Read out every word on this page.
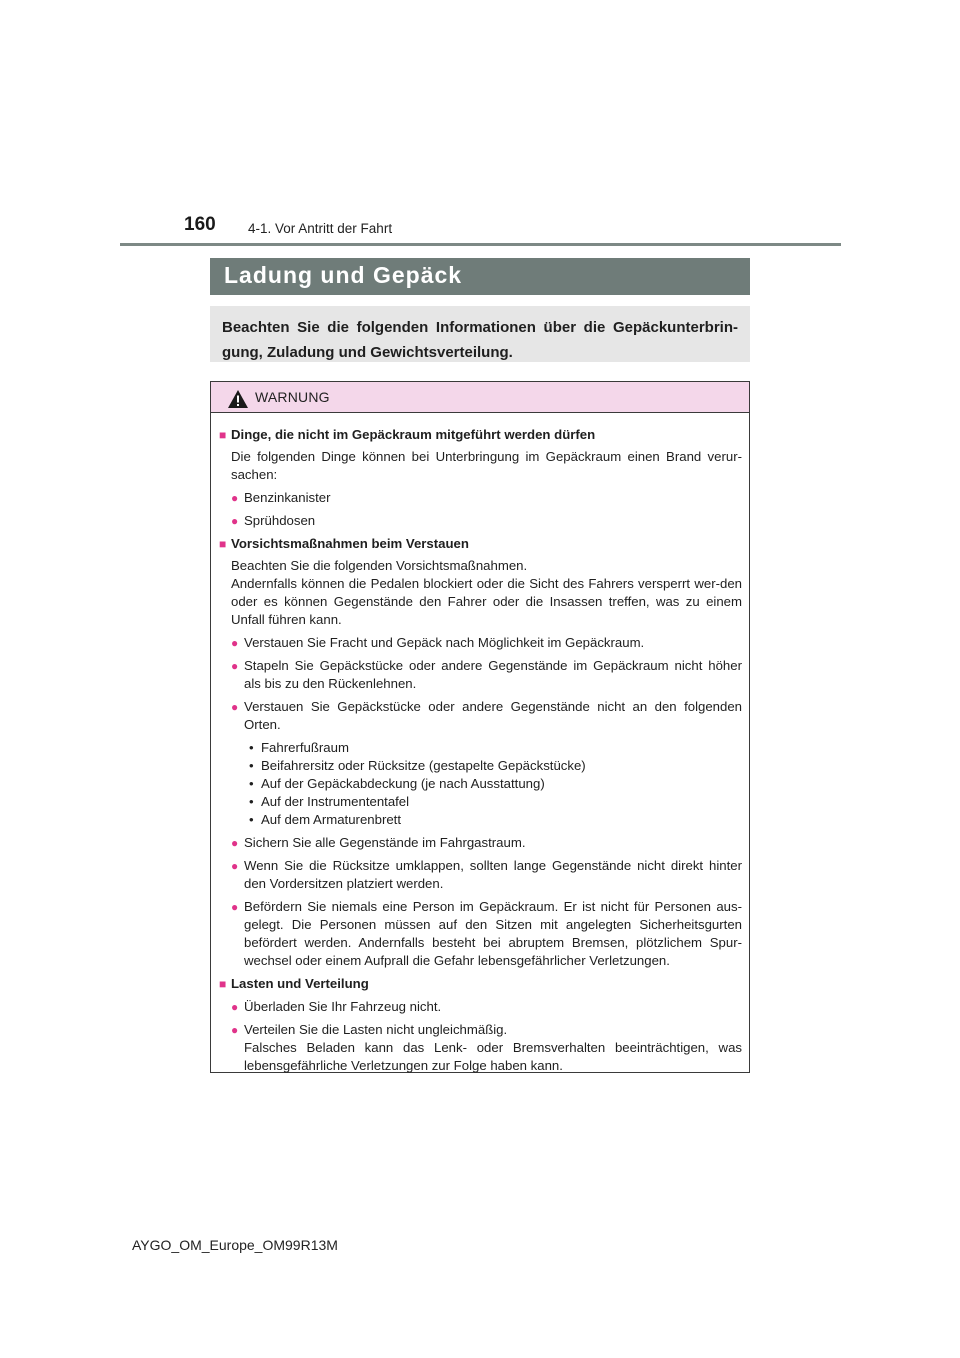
160 4-1. Vor Antritt der Fahrt
Ladung und Gepäck
Beachten Sie die folgenden Informationen über die Gepäckunterbrin-gung, Zuladung und Gewichtsverteilung.
WARNUNG
■ Dinge, die nicht im Gepäckraum mitgeführt werden dürfen
Die folgenden Dinge können bei Unterbringung im Gepäckraum einen Brand verur-sachen:
● Benzinkanister
● Sprühdosen
■ Vorsichtsmaßnahmen beim Verstauen
Beachten Sie die folgenden Vorsichtsmaßnahmen.
Andernfalls können die Pedalen blockiert oder die Sicht des Fahrers versperrt wer-den oder es können Gegenstände den Fahrer oder die Insassen treffen, was zu einem Unfall führen kann.
● Verstauen Sie Fracht und Gepäck nach Möglichkeit im Gepäckraum.
● Stapeln Sie Gepäckstücke oder andere Gegenstände im Gepäckraum nicht höher als bis zu den Rückenlehnen.
● Verstauen Sie Gepäckstücke oder andere Gegenstände nicht an den folgenden Orten.
• Fahrerfußraum
• Beifahrersitz oder Rücksitze (gestapelte Gepäckstücke)
• Auf der Gepäckabdeckung (je nach Ausstattung)
• Auf der Instrumententafel
• Auf dem Armaturenbrett
● Sichern Sie alle Gegenstände im Fahrgastraum.
● Wenn Sie die Rücksitze umklappen, sollten lange Gegenstände nicht direkt hinter den Vordersitzen platziert werden.
● Befördern Sie niemals eine Person im Gepäckraum. Er ist nicht für Personen aus-gelegt. Die Personen müssen auf den Sitzen mit angelegten Sicherheitsgurten befördert werden. Andernfalls besteht bei abruptem Bremsen, plötzlichem Spur-wechsel oder einem Aufprall die Gefahr lebensgefährlicher Verletzungen.
■ Lasten und Verteilung
● Überladen Sie Ihr Fahrzeug nicht.
● Verteilen Sie die Lasten nicht ungleichmäßig.
Falsches Beladen kann das Lenk- oder Bremsverhalten beeinträchtigen, was lebensgefährliche Verletzungen zur Folge haben kann.
AYGO_OM_Europe_OM99R13M
